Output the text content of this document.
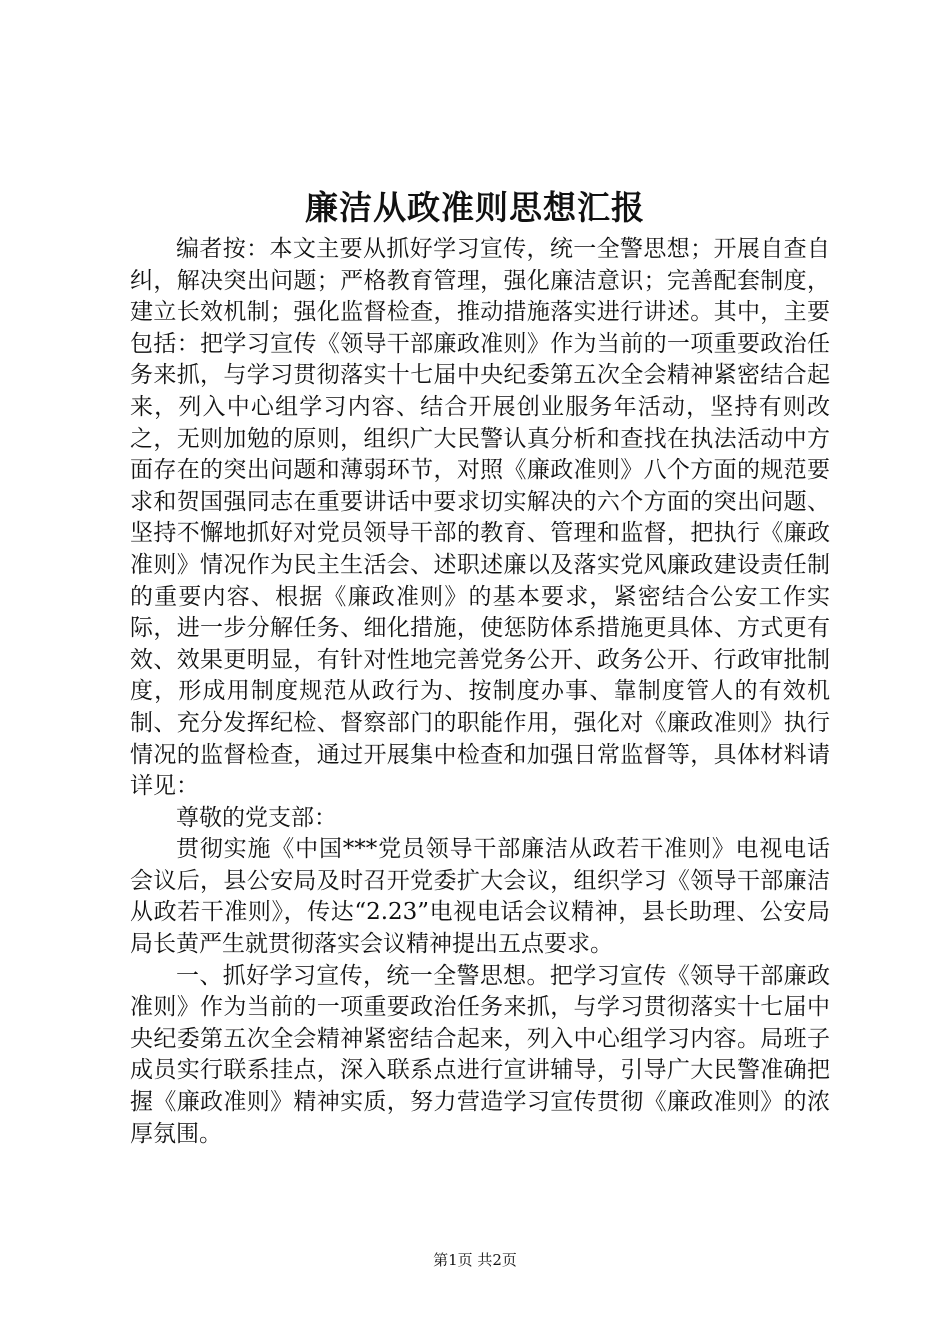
廉洁从政准则思想汇报

编者按：本文主要从抓好学习宣传，统一全警思想；开展自查自纠，解决突出问题；严格教育管理，强化廉洁意识；完善配套制度，建立长效机制；强化监督检查，推动措施落实进行讲述。其中，主要包括：把学习宣传《领导干部廉政准则》作为当前的一项重要政治任务来抓，与学习贯彻落实十七届中央纪委第五次全会精神紧密结合起来，列入中心组学习内容、结合开展创业服务年活动，坚持有则改之，无则加勉的原则，组织广大民警认真分析和查找在执法活动中方面存在的突出问题和薄弱环节，对照《廉政准则》八个方面的规范要求和贺国强同志在重要讲话中要求切实解决的六个方面的突出问题、坚持不懈地抓好对党员领导干部的教育、管理和监督，把执行《廉政准则》情况作为民主生活会、述职述廉以及落实党风廉政建设责任制的重要内容、根据《廉政准则》的基本要求，紧密结合公安工作实际，进一步分解任务、细化措施，使惩防体系措施更具体、方式更有效、效果更明显，有针对性地完善党务公开、政务公开、行政审批制度，形成用制度规范从政行为、按制度办事、靠制度管人的有效机制、充分发挥纪检、督察部门的职能作用，强化对《廉政准则》执行情况的监督检查，通过开展集中检查和加强日常监督等，具体材料请详见：

尊敬的党支部：

贯彻实施《中国***党员领导干部廉洁从政若干准则》电视电话会议后，县公安局及时召开党委扩大会议，组织学习《领导干部廉洁从政若干准则》，传达“2.23”电视电话会议精神，县长助理、公安局局长黄严生就贯彻落实会议精神提出五点要求。

一、抓好学习宣传，统一全警思想。把学习宣传《领导干部廉政准则》作为当前的一项重要政治任务来抓，与学习贯彻落实十七届中央纪委第五次全会精神紧密结合起来，列入中心组学习内容。局班子成员实行联系挂点，深入联系点进行宣讲辅导，引导广大民警准确把握《廉政准则》精神实质，努力营造学习宣传贯彻《廉政准则》的浓厚氛围。

第1页 共2页
